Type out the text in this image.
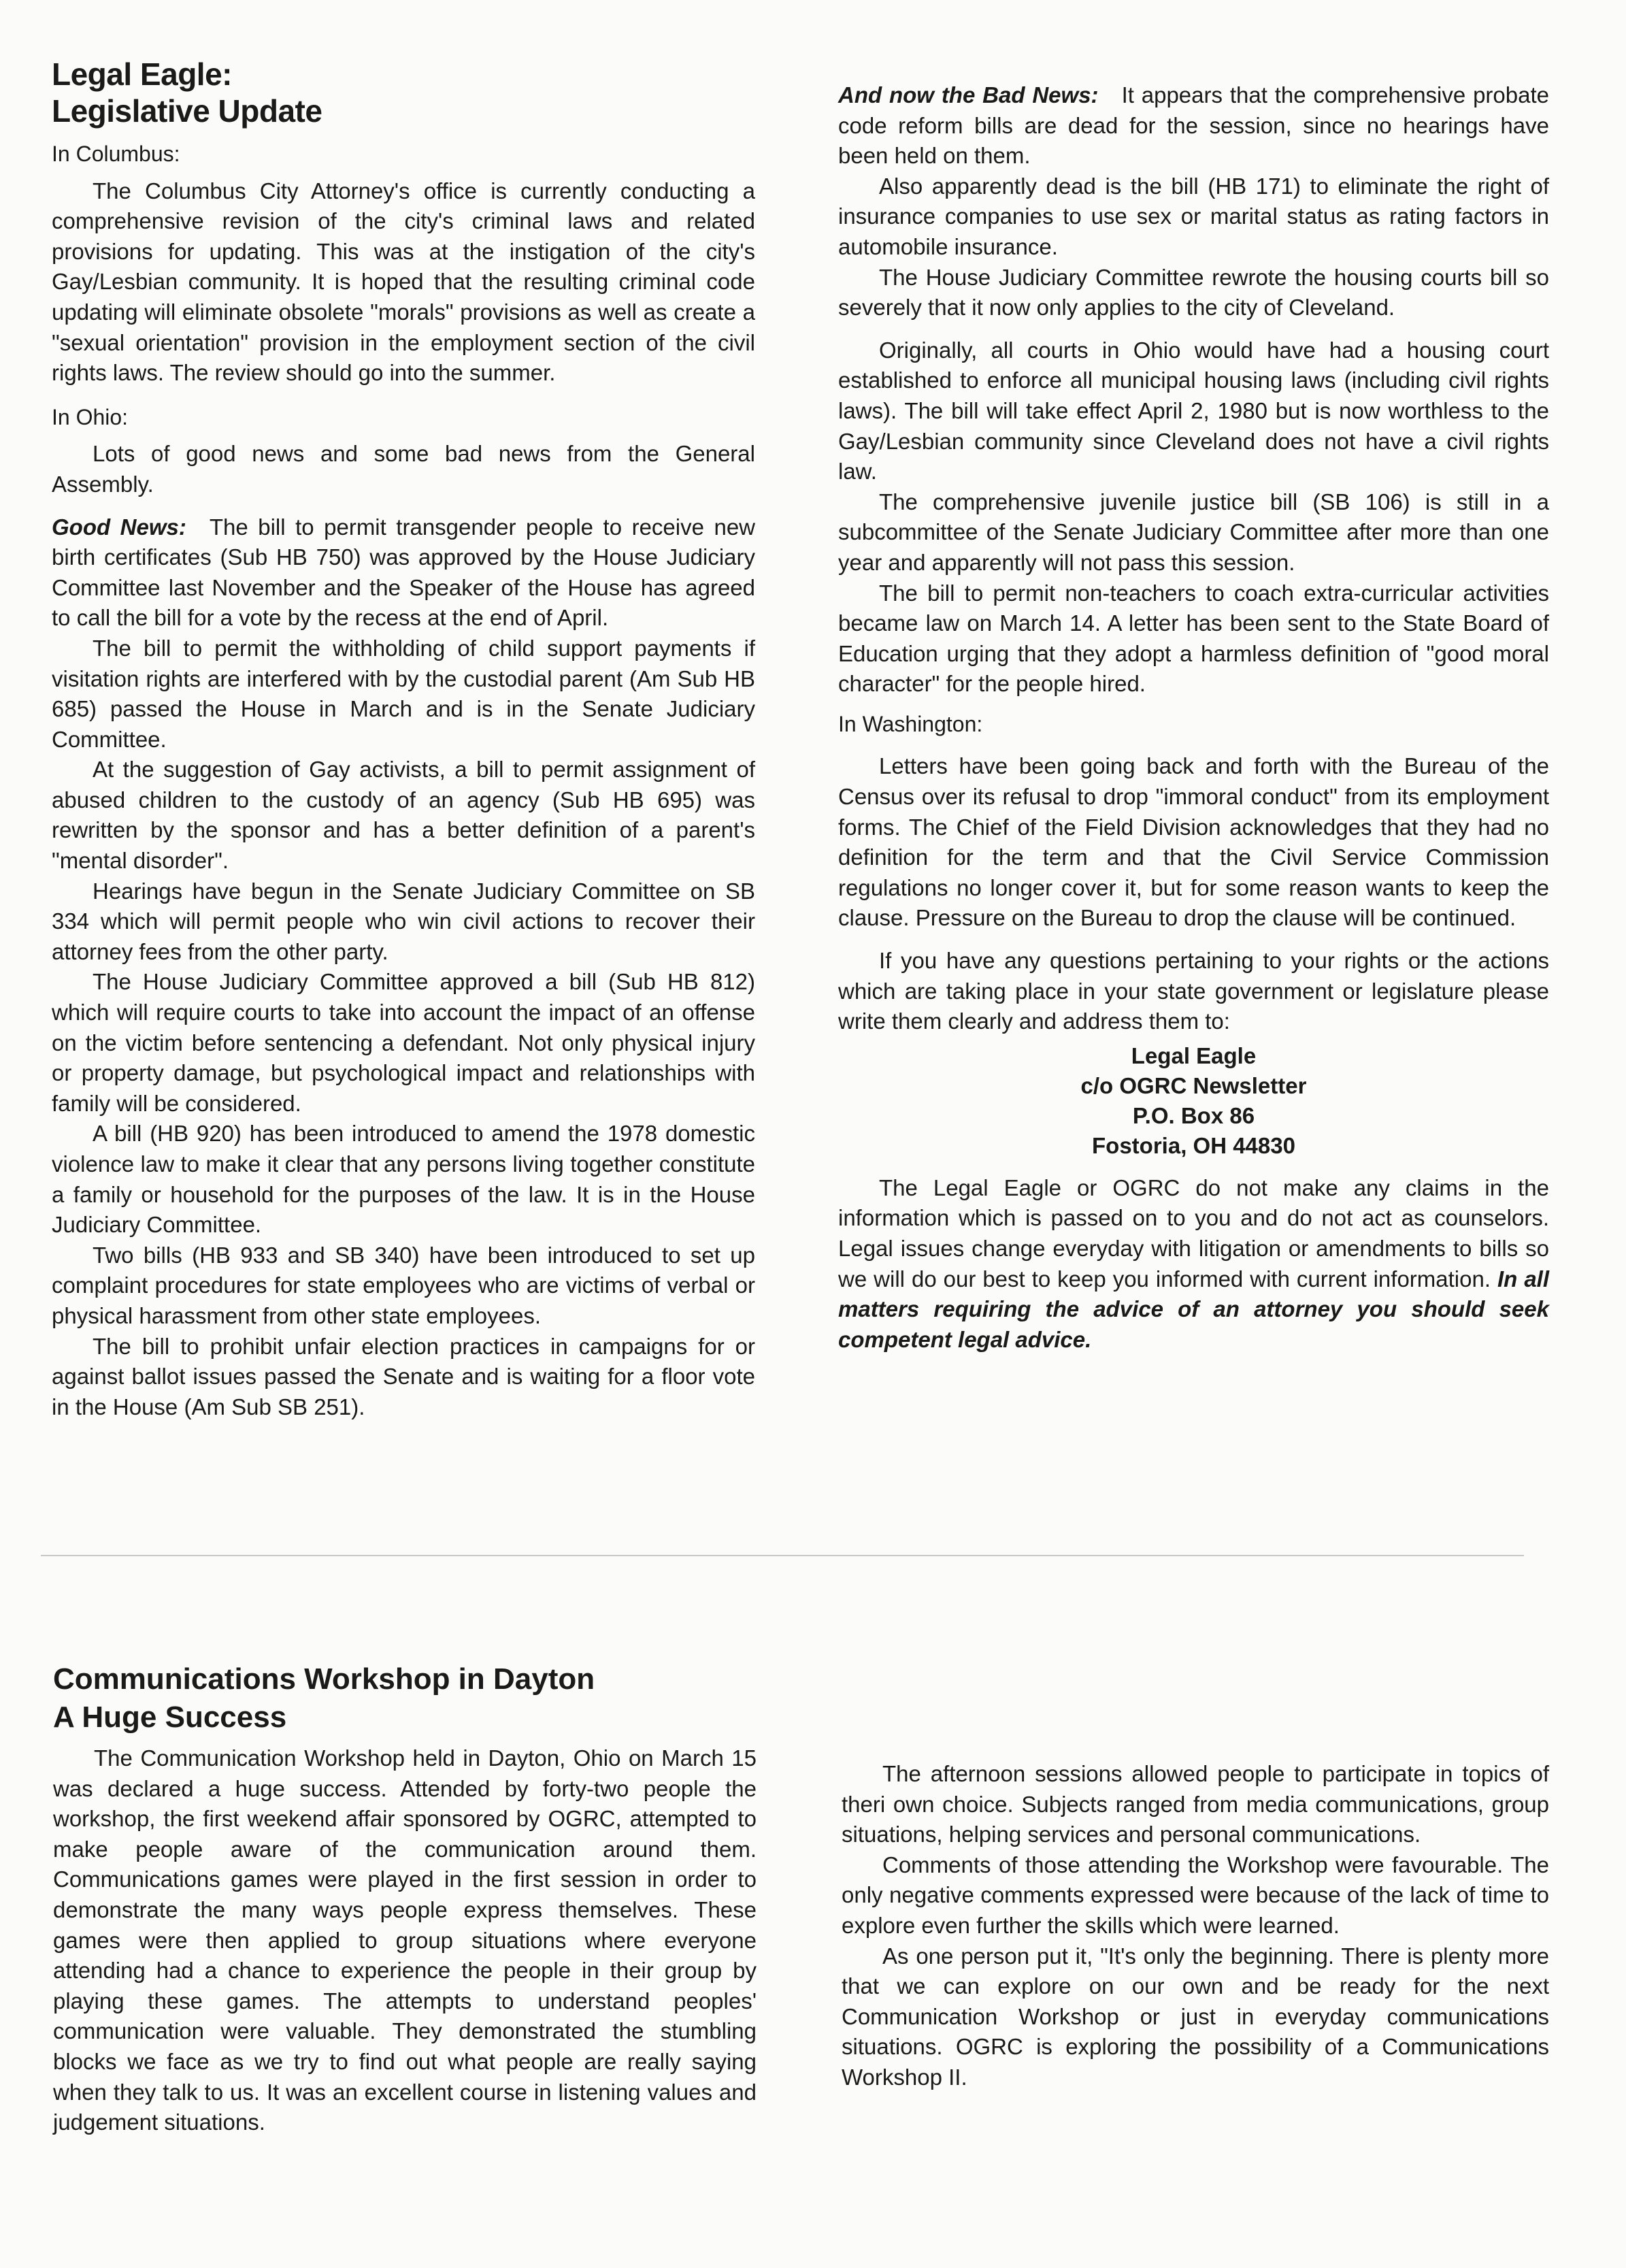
Legal Eagle:
Legislative Update
In Columbus:

The Columbus City Attorney's office is currently conducting a comprehensive revision of the city's criminal laws and related provisions for updating. This was at the instigation of the city's Gay/Lesbian community. It is hoped that the resulting criminal code updating will eliminate obsolete "morals" provisions as well as create a "sexual orientation" provision in the employment section of the civil rights laws. The review should go into the summer.

In Ohio:

Lots of good news and some bad news from the General Assembly.

Good News: The bill to permit transgender people to receive new birth certificates (Sub HB 750) was approved by the House Judiciary Committee last November and the Speaker of the House has agreed to call the bill for a vote by the recess at the end of April.

The bill to permit the withholding of child support payments if visitation rights are interfered with by the custodial parent (Am Sub HB 685) passed the House in March and is in the Senate Judiciary Committee.

At the suggestion of Gay activists, a bill to permit assignment of abused children to the custody of an agency (Sub HB 695) was rewritten by the sponsor and has a better definition of a parent's "mental disorder".

Hearings have begun in the Senate Judiciary Committee on SB 334 which will permit people who win civil actions to recover their attorney fees from the other party.

The House Judiciary Committee approved a bill (Sub HB 812) which will require courts to take into account the impact of an offense on the victim before sentencing a defendant. Not only physical injury or property damage, but psychological impact and relationships with family will be considered.

A bill (HB 920) has been introduced to amend the 1978 domestic violence law to make it clear that any persons living together constitute a family or household for the purposes of the law. It is in the House Judiciary Committee.

Two bills (HB 933 and SB 340) have been introduced to set up complaint procedures for state employees who are victims of verbal or physical harassment from other state employees.

The bill to prohibit unfair election practices in campaigns for or against ballot issues passed the Senate and is waiting for a floor vote in the House (Am Sub SB 251).

And now the Bad News: It appears that the comprehensive probate code reform bills are dead for the session, since no hearings have been held on them.

Also apparently dead is the bill (HB 171) to eliminate the right of insurance companies to use sex or marital status as rating factors in automobile insurance.

The House Judiciary Committee rewrote the housing courts bill so severely that it now only applies to the city of Cleveland.

Originally, all courts in Ohio would have had a housing court established to enforce all municipal housing laws (including civil rights laws). The bill will take effect April 2, 1980 but is now worthless to the Gay/Lesbian community since Cleveland does not have a civil rights law.

The comprehensive juvenile justice bill (SB 106) is still in a subcommittee of the Senate Judiciary Committee after more than one year and apparently will not pass this session.

The bill to permit non-teachers to coach extra-curricular activities became law on March 14. A letter has been sent to the State Board of Education urging that they adopt a harmless definition of "good moral character" for the people hired.

In Washington:

Letters have been going back and forth with the Bureau of the Census over its refusal to drop "immoral conduct" from its employment forms. The Chief of the Field Division acknowledges that they had no definition for the term and that the Civil Service Commission regulations no longer cover it, but for some reason wants to keep the clause. Pressure on the Bureau to drop the clause will be continued.

If you have any questions pertaining to your rights or the actions which are taking place in your state government or legislature please write them clearly and address them to:

Legal Eagle
c/o OGRC Newsletter
P.O. Box 86
Fostoria, OH 44830

The Legal Eagle or OGRC do not make any claims in the information which is passed on to you and do not act as counselors. Legal issues change everyday with litigation or amendments to bills so we will do our best to keep you informed with current information. In all matters requiring the advice of an attorney you should seek competent legal advice.

Communications Workshop in Dayton
A Huge Success

The Communication Workshop held in Dayton, Ohio on March 15 was declared a huge success. Attended by forty-two people the workshop, the first weekend affair sponsored by OGRC, attempted to make people aware of the communication around them. Communications games were played in the first session in order to demonstrate the many ways people express themselves. These games were then applied to group situations where everyone attending had a chance to experience the people in their group by playing these games. The attempts to understand peoples' communication were valuable. They demonstrated the stumbling blocks we face as we try to find out what people are really saying when they talk to us. It was an excellent course in listening values and judgement situations.

The afternoon sessions allowed people to participate in topics of theri own choice. Subjects ranged from media communications, group situations, helping services and personal communications.

Comments of those attending the Workshop were favourable. The only negative comments expressed were because of the lack of time to explore even further the skills which were learned.

As one person put it, "It's only the beginning. There is plenty more that we can explore on our own and be ready for the next Communication Workshop or just in everyday communications situations. OGRC is exploring the possibility of a Communications Workshop II.
